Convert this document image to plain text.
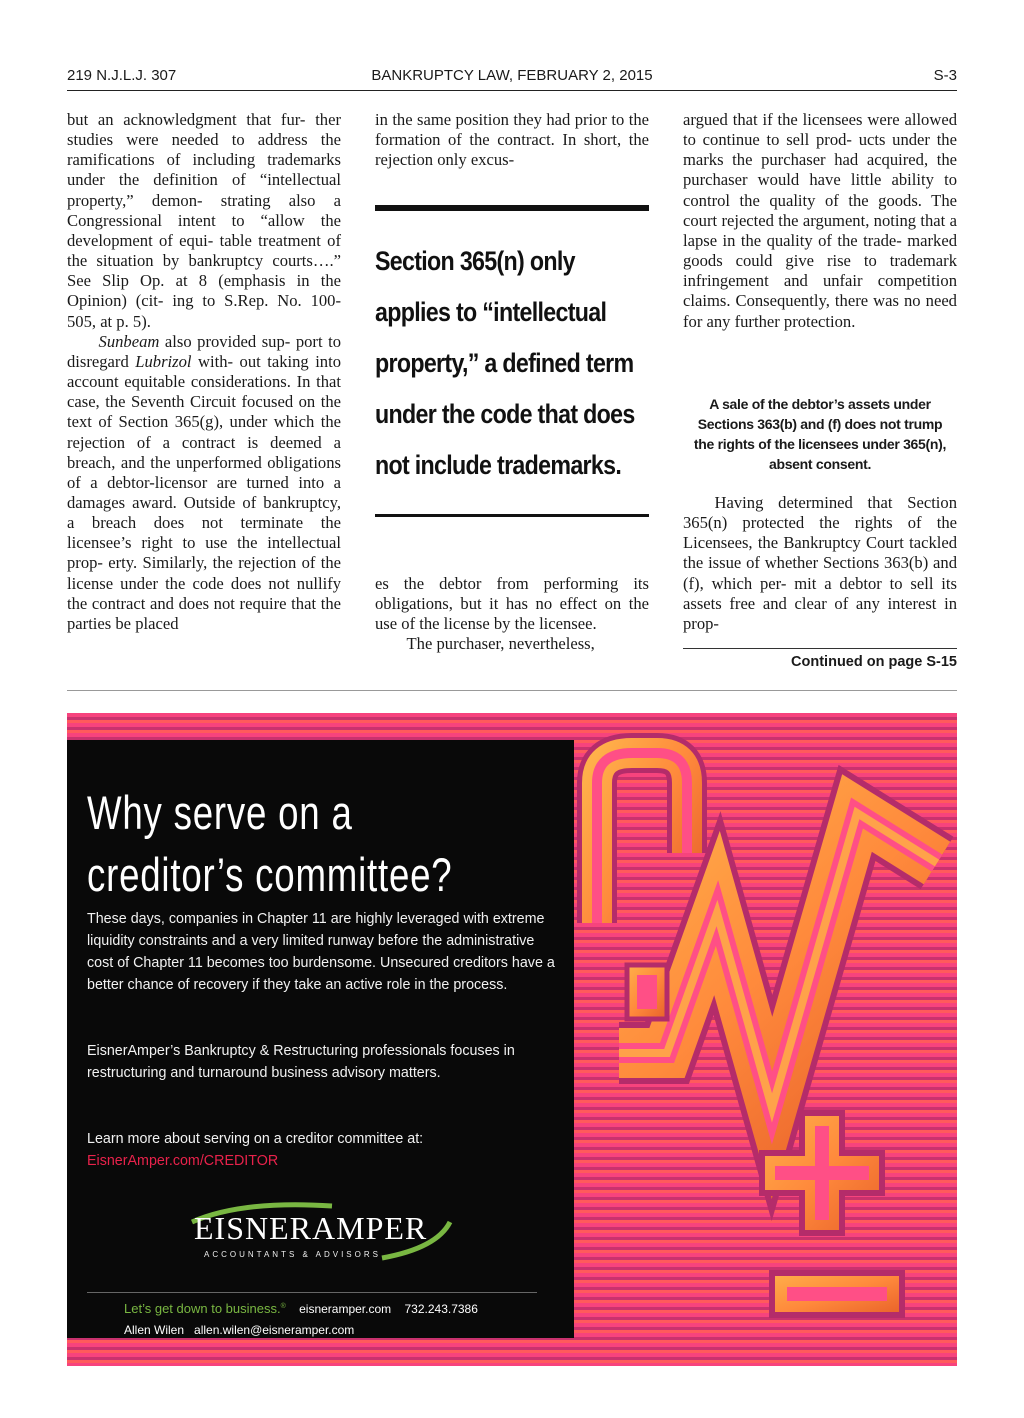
219 N.J.L.J. 307	BANKRUPTCY LAW, FEBRUARY 2, 2015	S-3

but an acknowledgment that fur- ther studies were needed to address the ramifications of including trademarks under the definition of “intellectual property,” demon- strating also a Congressional intent to “allow the development of equi- table treatment of the situation by bankruptcy courts….” See Slip Op. at 8 (emphasis in the Opinion) (cit- ing to S.Rep. No. 100-505, at p. 5).

Sunbeam also provided sup- port to disregard Lubrizol with- out taking into account equitable considerations. In that case, the Seventh Circuit focused on the text of Section 365(g), under which the rejection of a contract is deemed a breach, and the unperformed obligations of a debtor-licensor are turned into a damages award. Outside of bankruptcy, a breach does not terminate the licensee’s right to use the intellectual prop- erty. Similarly, the rejection of the license under the code does not nullify the contract and does not require that the parties be placed

in the same position they had prior to the formation of the contract. In short, the rejection only excus-

Section 365(n) only
applies to “intellectual
property,” a defined term
under the code that does
not include trademarks.

es the debtor from performing its obligations, but it has no effect on the use of the license by the licensee.

The purchaser, nevertheless,

argued that if the licensees were allowed to continue to sell prod- ucts under the marks the purchaser had acquired, the purchaser would have little ability to control the quality of the goods. The court rejected the argument, noting that a lapse in the quality of the trade- marked goods could give rise to trademark infringement and unfair competition claims. Consequently, there was no need for any further protection.

A sale of the debtor’s assets under
Sections 363(b) and (f) does not trump
the rights of the licensees under 365(n),
absent consent.

Having determined that Section 365(n) protected the rights of the Licensees, the Bankruptcy Court tackled the issue of whether Sections 363(b) and (f), which per- mit a debtor to sell its assets free and clear of any interest in prop-

Continued on page S-15
Why serve on a
creditor’s committee?
These days, companies in Chapter 11 are highly leveraged with extreme liquidity constraints and a very limited runway before the administrative cost of Chapter 11 becomes too burdensome. Unsecured creditors have a better chance of recovery if they take an active role in the process.
EisnerAmper’s Bankruptcy & Restructuring professionals focuses in restructuring and turnaround business advisory matters.
Learn more about serving on a creditor committee at:
EisnerAmper.com/CREDITOR
EISNERAMPER
ACCOUNTANTS & ADVISORS
Let’s get down to business.® eisneramper.com 732.243.7386
Allen Wilen allen.wilen@eisneramper.com
